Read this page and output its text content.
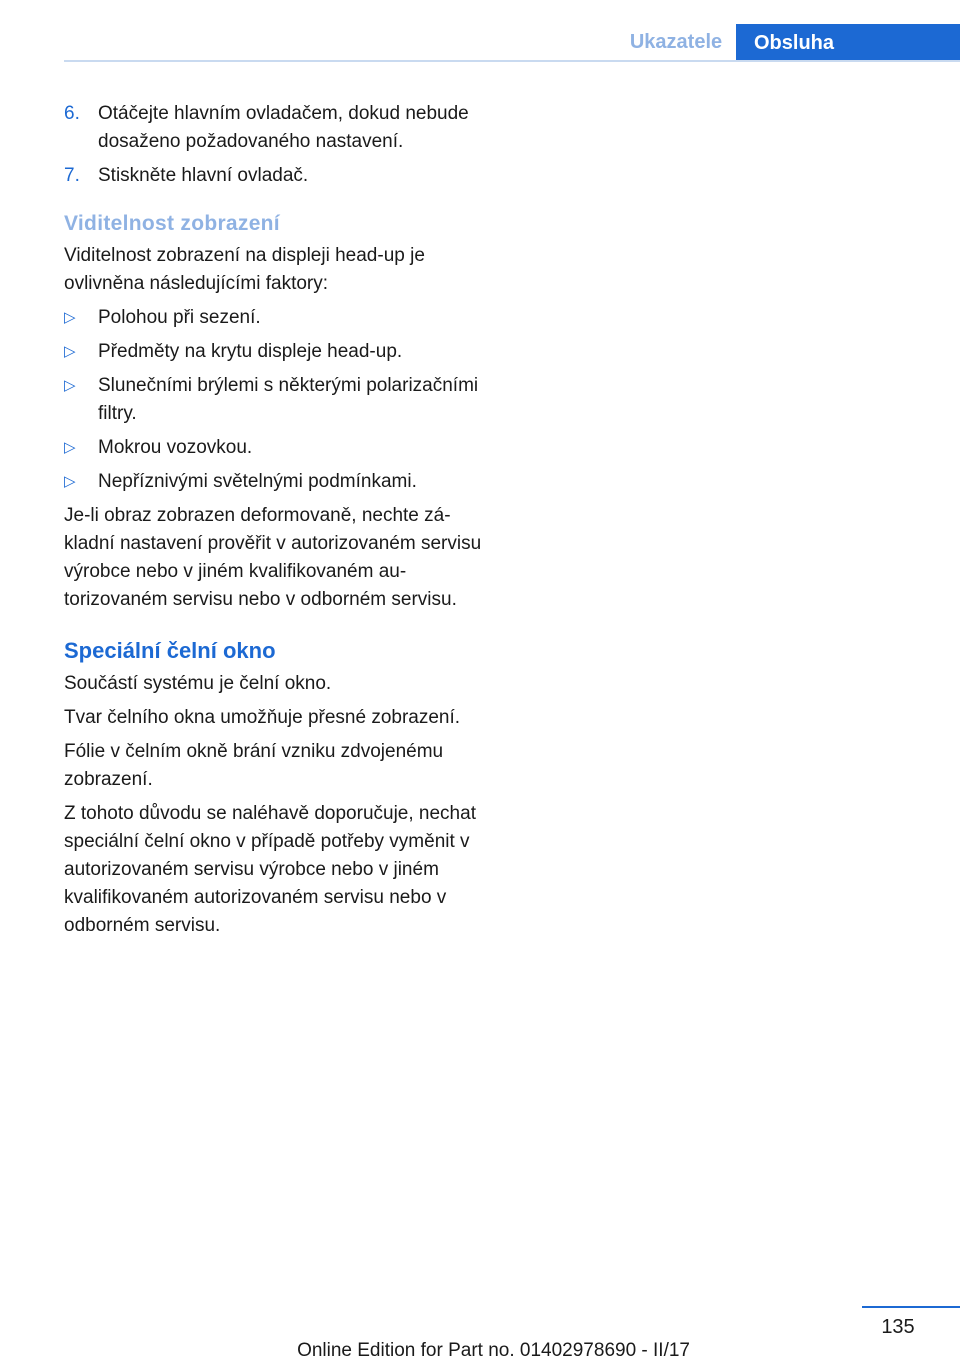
Ukazatele	Obsluha
6. Otáčejte hlavním ovladačem, dokud nebude dosaženo požadovaného nastavení.
7. Stiskněte hlavní ovladač.
Viditelnost zobrazení

Viditelnost zobrazení na displeji head-up je ovlivněna následujícími faktory:

▷ Polohou při sezení.
▷ Předměty na krytu displeje head-up.
▷ Slunečními brýlemi s některými polarizačními filtry.
▷ Mokrou vozovkou.
▷ Nepříznivými světelnými podmínkami.

Je-li obraz zobrazen deformovaně, nechte základní nastavení prověřit v autorizovaném servisu výrobce nebo v jiném kvalifikovaném autorizovaném servisu nebo v odborném servisu.

Speciální čelní okno

Součástí systému je čelní okno.

Tvar čelního okna umožňuje přesné zobrazení.

Fólie v čelním okně brání vzniku zdvojenému zobrazení.

Z tohoto důvodu se naléhavě doporučuje, nechat speciální čelní okno v případě potřeby vyměnit v autorizovaném servisu výrobce nebo v jiném kvalifikovaném autorizovaném servisu nebo v odborném servisu.

135
Online Edition for Part no. 01402978690 - II/17
